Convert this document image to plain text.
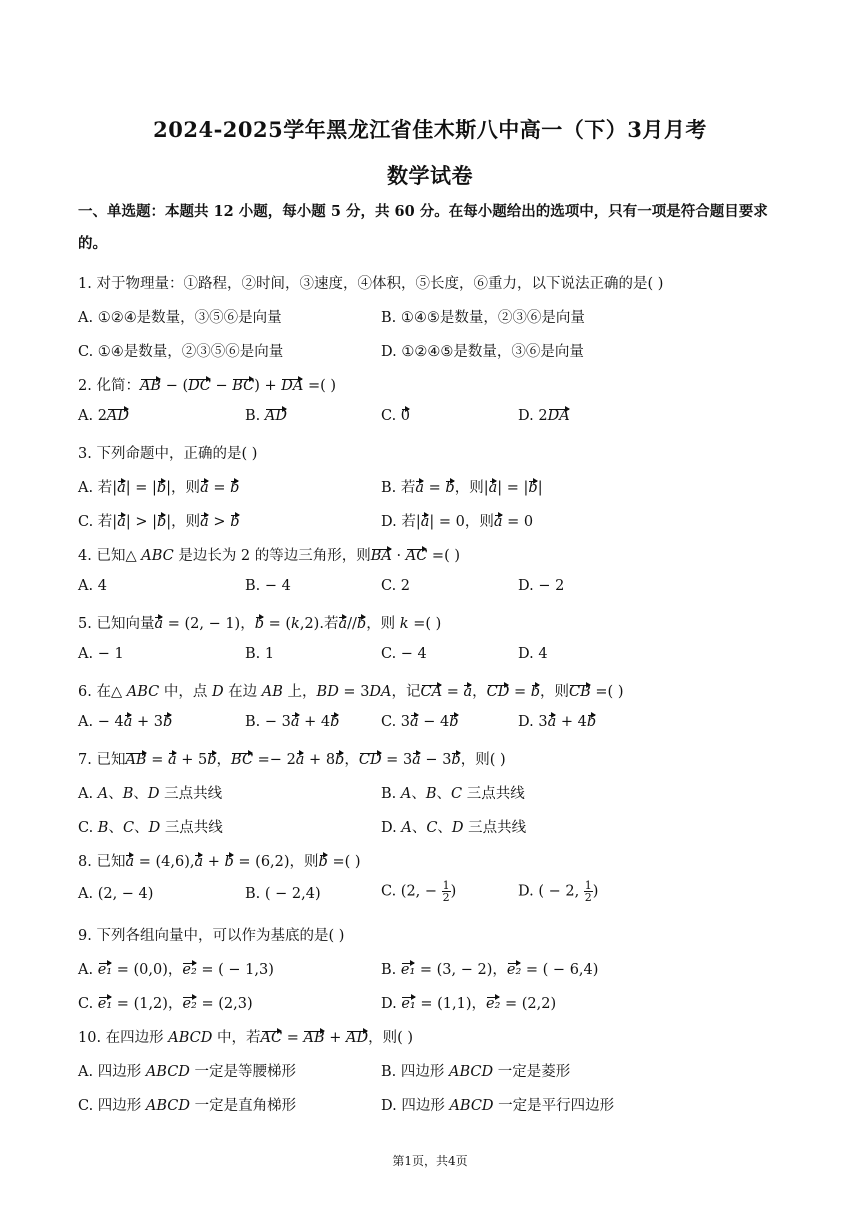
2024-2025学年黑龙江省佳木斯八中高一（下）3月月考
数学试卷
一、单选题：本题共 12 小题，每小题 5 分，共 60 分。在每小题给出的选项中，只有一项是符合题目要求
的。
1. 对于物理量：①路程，②时间，③速度，④体积，⑤长度，⑥重力，以下说法正确的是( )
A. ①②④是数量，③⑤⑥是向量	B. ①④⑤是数量，②③⑥是向量
C. ①④是数量，②③⑤⑥是向量	D. ①②④⑤是数量，③⑥是向量
2. 化简：AB − (DC − BC) + DA =( )
A. 2AD	B. AD	C. 0	D. 2DA
3. 下列命题中，正确的是( )
A. 若|a| = |b|，则a = b	B. 若a = b，则|a| = |b|
C. 若|a| > |b|，则a > b	D. 若|a| = 0，则a = 0
4. 已知△ ABC 是边长为 2 的等边三角形，则BA · AC =( )
A. 4	B. − 4	C. 2	D. − 2
5. 已知向量a = (2, − 1)，b = (k,2).若a//b，则 k =( )
A. − 1	B. 1	C. − 4	D. 4
6. 在△ ABC 中，点 D 在边 AB 上，BD = 3DA，记CA = a，CD = b，则CB =( )
A. − 4a + 3b	B. − 3a + 4b	C. 3a − 4b	D. 3a + 4b
7. 已知AB = a + 5b，BC =− 2a + 8b，CD = 3a − 3b，则( )
A. A、B、D 三点共线	B. A、B、C 三点共线
C. B、C、D 三点共线	D. A、C、D 三点共线
8. 已知a = (4,6),a + b = (6,2)，则b =( )
A. (2, − 4)	B. ( − 2,4)	C. (2, − $\frac{1}{2}$ )	D. ( − 2, $\frac{1}{2}$ )
9. 下列各组向量中，可以作为基底的是( )
A. e₁ = (0,0)，e₂ = ( − 1,3)	B. e₁ = (3, − 2)，e₂ = ( − 6,4)
C. e₁ = (1,2)，e₂ = (2,3)	D. e₁ = (1,1)，e₂ = (2,2)
10. 在四边形 ABCD 中，若AC = AB + AD，则( )
A. 四边形 ABCD 一定是等腰梯形	B. 四边形 ABCD 一定是菱形
C. 四边形 ABCD 一定是直角梯形	D. 四边形 ABCD 一定是平行四边形
第1页，共4页
